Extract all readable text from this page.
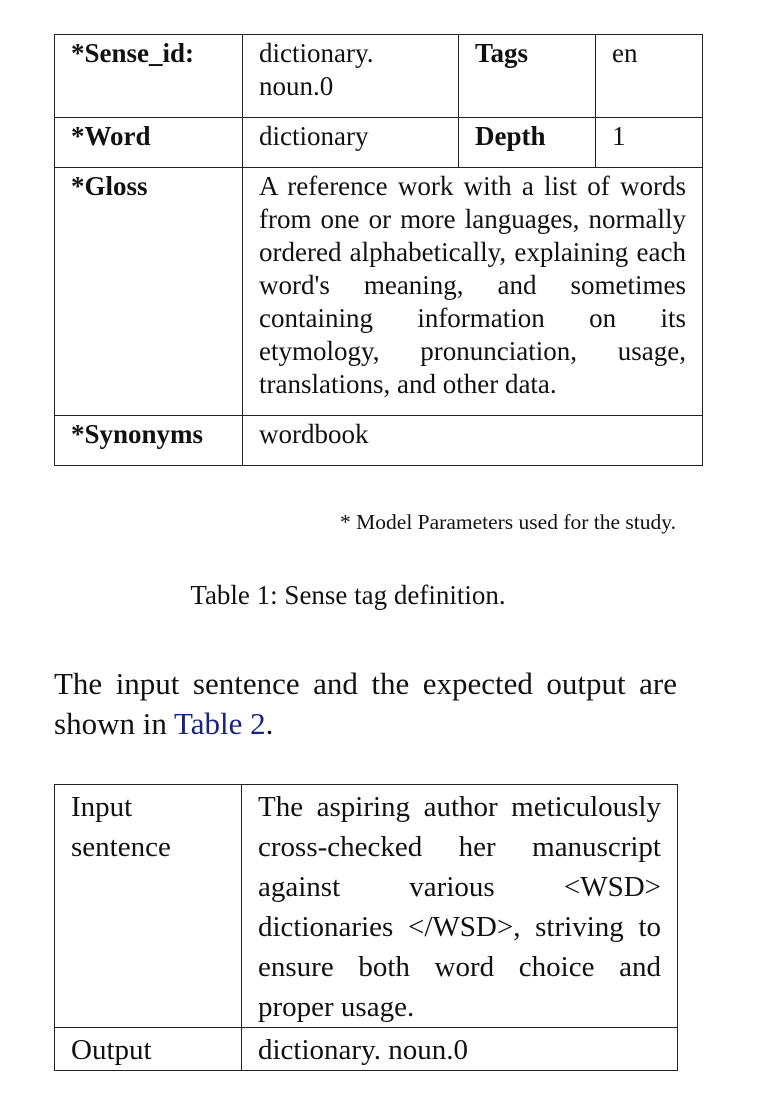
*Sense_id:	dictionary. noun.0	Tags	en
*Word	dictionary	Depth	1
*Gloss	A reference work with a list of words from one or more languages, normally ordered alphabetically, explaining each word's meaning, and sometimes containing information on its etymology, pronunciation, usage, translations, and other data.		
*Synonyms	wordbook		
* Model Parameters used for the study.
Table 1: Sense tag definition.

The input sentence and the expected output are shown in Table 2.

Input sentence	The aspiring author meticulously cross-checked her manuscript against various <WSD> dictionaries </WSD>, striving to ensure both word choice and proper usage.
Output	dictionary. noun.0
